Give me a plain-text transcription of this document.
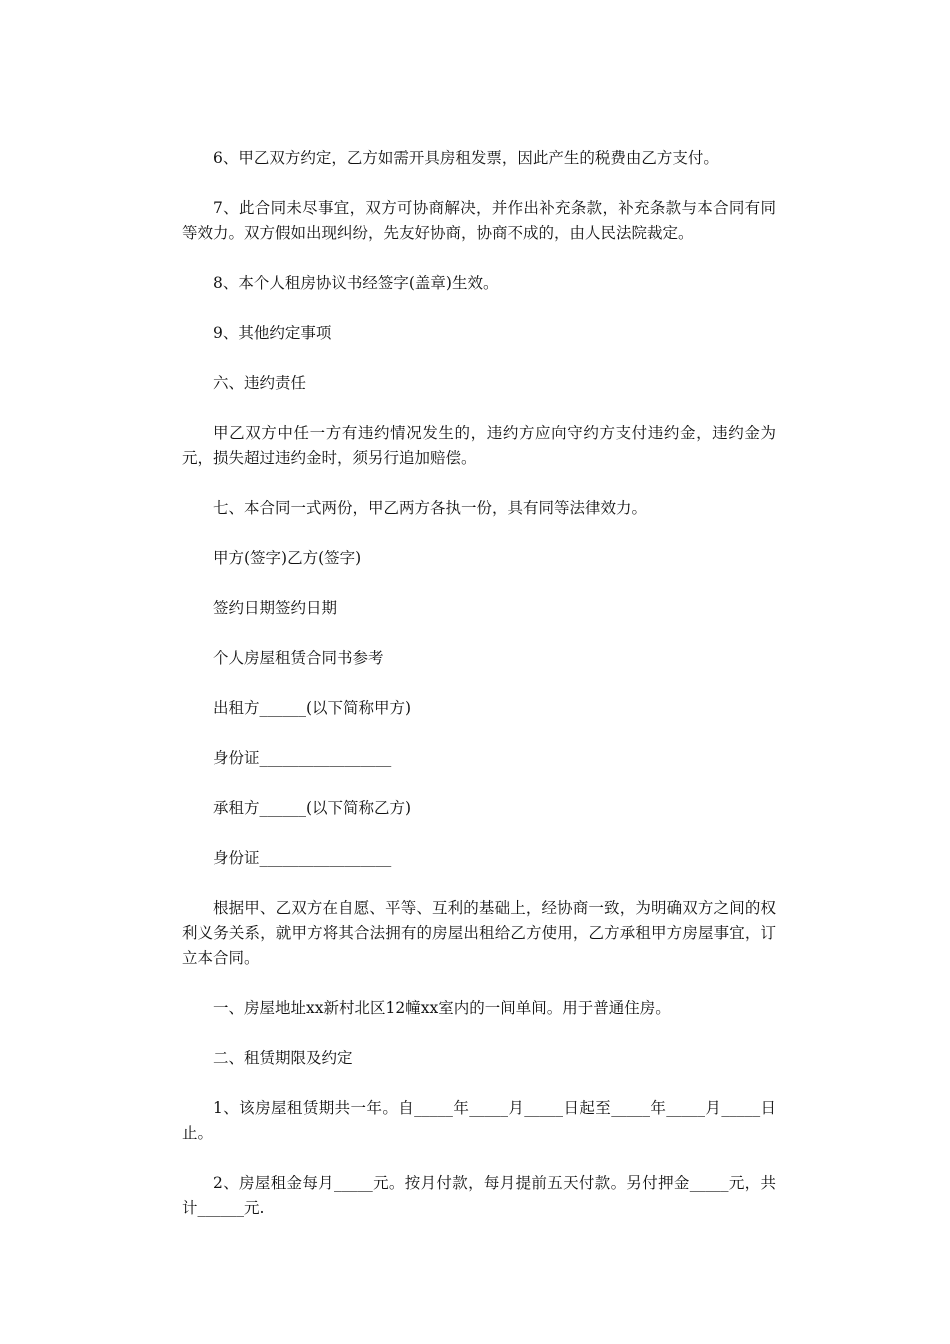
6、甲乙双方约定，乙方如需开具房租发票，因此产生的税费由乙方支付。

7、此合同未尽事宜，双方可协商解决，并作出补充条款，补充条款与本合同有同等效力。双方假如出现纠纷，先友好协商，协商不成的，由人民法院裁定。

8、本个人租房协议书经签字(盖章)生效。

9、其他约定事项

六、违约责任

甲乙双方中任一方有违约情况发生的，违约方应向守约方支付违约金，违约金为元，损失超过违约金时，须另行追加赔偿。

七、本合同一式两份，甲乙两方各执一份，具有同等法律效力。

甲方(签字)乙方(签字)

签约日期签约日期

个人房屋租赁合同书参考

出租方______(以下简称甲方)

身份证_________________

承租方______(以下简称乙方)

身份证_________________

根据甲、乙双方在自愿、平等、互利的基础上，经协商一致，为明确双方之间的权利义务关系，就甲方将其合法拥有的房屋出租给乙方使用，乙方承租甲方房屋事宜，订立本合同。

一、房屋地址xx新村北区12幢xx室内的一间单间。用于普通住房。

二、租赁期限及约定

1、该房屋租赁期共一年。自_____年_____月_____日起至_____年_____月_____日止。

2、房屋租金每月_____元。按月付款，每月提前五天付款。另付押金_____元，共计______元.
